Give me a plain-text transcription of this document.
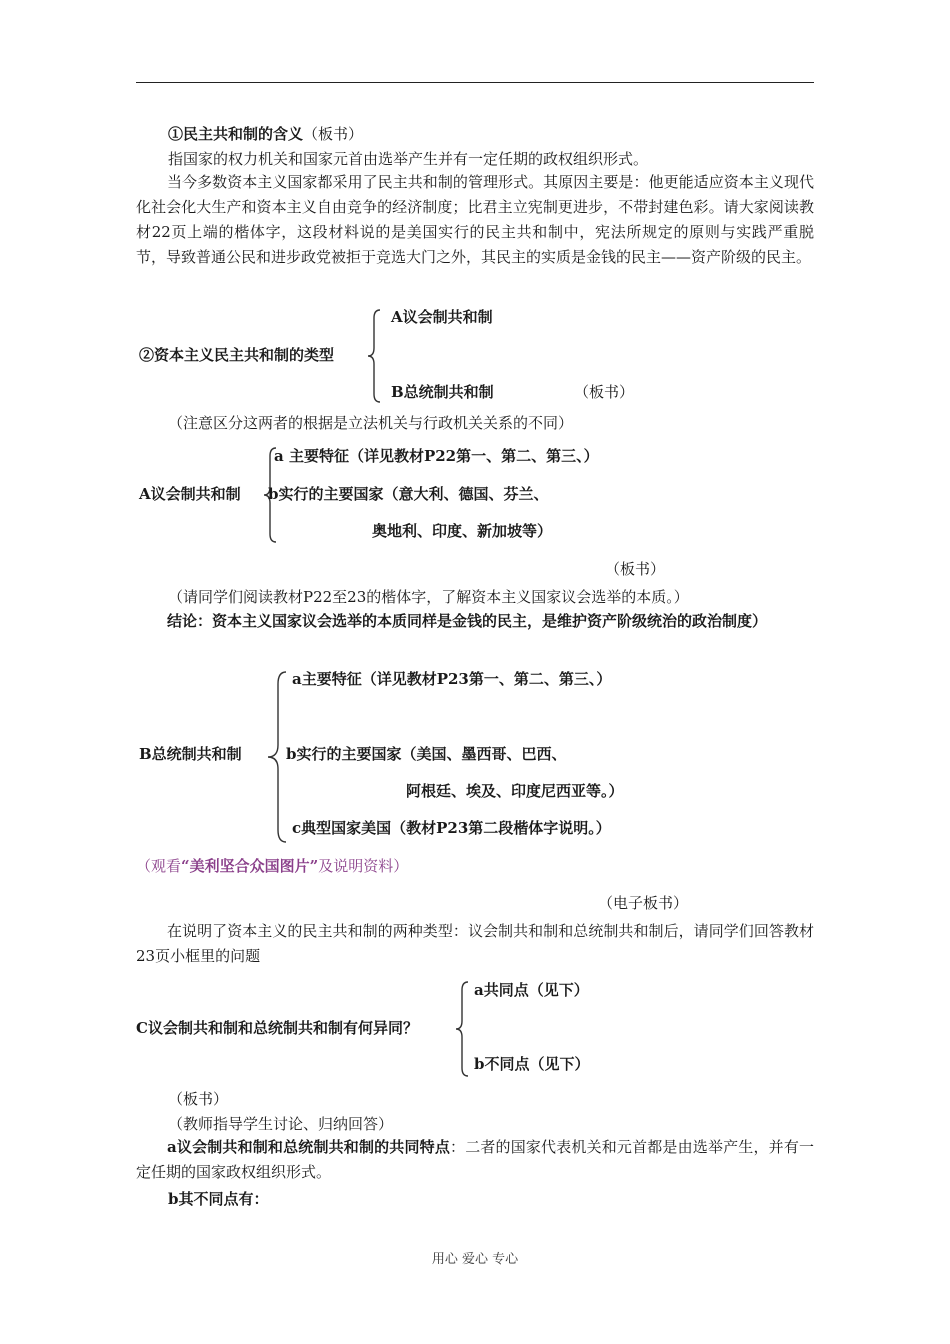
①民主共和制的含义（板书）
指国家的权力机关和国家元首由选举产生并有一定任期的政权组织形式。
当今多数资本主义国家都采用了民主共和制的管理形式。其原因主要是：他更能适应资本主义现代化社会化大生产和资本主义自由竞争的经济制度；比君主立宪制更进步，不带封建色彩。请大家阅读教材22页上端的楷体字，这段材料说的是美国实行的民主共和制中，宪法所规定的原则与实践严重脱 节，导致普通公民和进步政党被拒于竞选大门之外，其民主的实质是金钱的民主——资产阶级的民主。
②资本主义民主共和制的类型
A议会制共和制
B总统制共和制	（板书）
（注意区分这两者的根据是立法机关与行政机关关系的不同）
A议会制共和制
a 主要特征（详见教材P22第一、第二、第三、）
b实行的主要国家（意大利、德国、芬兰、
奥地利、印度、新加坡等）
（板书）
（请同学们阅读教材P22至23的楷体字，了解资本主义国家议会选举的本质。）
结论：资本主义国家议会选举的本质同样是金钱的民主，是维护资产阶级统治的政治制度）
B总统制共和制
a主要特征（详见教材P23第一、第二、第三、）
b实行的主要国家（美国、墨西哥、巴西、
阿根廷、埃及、印度尼西亚等。）
c典型国家美国（教材P23第二段楷体字说明。）
（观看“美利坚合众国图片”及说明资料）
（电子板书）
在说明了资本主义的民主共和制的两种类型：议会制共和制和总统制共和制后，请同学们回答教材23页小框里的问题
C议会制共和制和总统制共和制有何异同？
a共同点（见下）
b不同点（见下）
（板书）
（教师指导学生讨论、归纳回答）
a议会制共和制和总统制共和制的共同特点：二者的国家代表机关和元首都是由选举产生，并有一定任期的国家政权组织形式。
b其不同点有：
用心 爱心 专心
